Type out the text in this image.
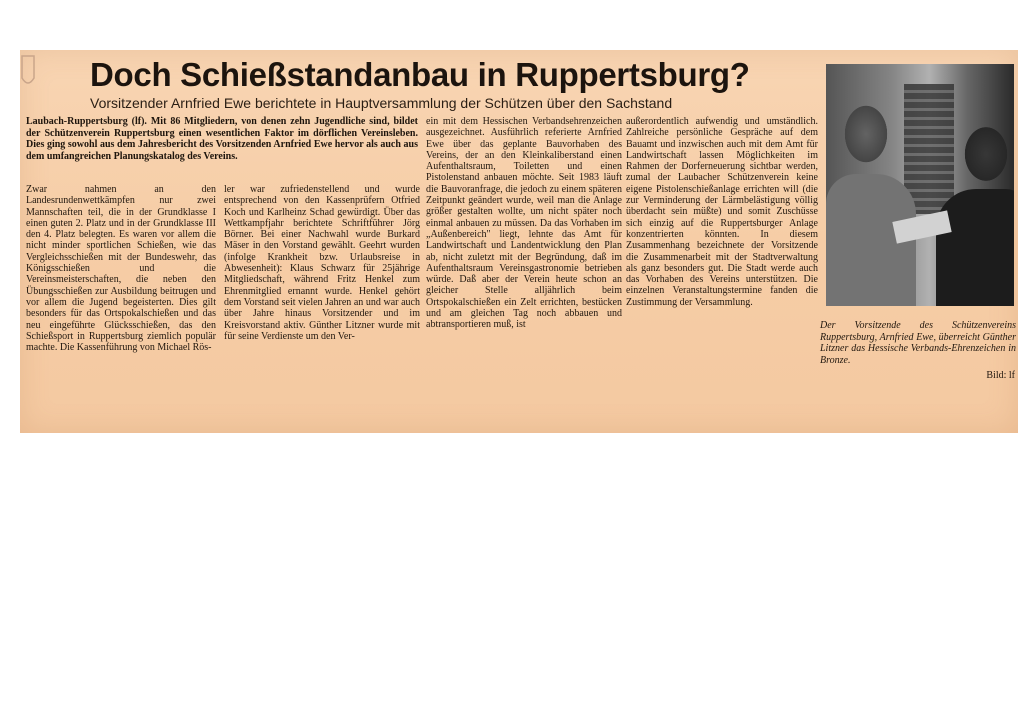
Doch Schießstandanbau in Ruppertsburg?
Vorsitzender Arnfried Ewe berichtete in Hauptversammlung der Schützen über den Sachstand
Laubach-Ruppertsburg (lf). Mit 86 Mitgliedern, von denen zehn Jugendliche sind, bildet der Schützenverein Ruppertsburg einen wesentlichen Faktor im dörflichen Vereinsleben. Dies ging sowohl aus dem Jahresbericht des Vorsitzenden Arnfried Ewe hervor als auch aus dem umfangreichen Planungskatalog des Vereins.
Zwar nahmen an den Landesrundenwettkämpfen nur zwei Mannschaften teil, die in der Grundklasse I einen guten 2. Platz und in der Grundklasse III den 4. Platz belegten. Es waren vor allem die nicht minder sportlichen Schießen, wie das Vergleichsschießen mit der Bundeswehr, das Königsschießen und die Vereinsmeisterschaften, die neben den Übungsschießen zur Ausbildung beitrugen und vor allem die Jugend begeisterten. Dies gilt besonders für das Ortspokalschießen und das neu eingeführte Glücksschießen, das den Schießsport in Ruppertsburg ziemlich populär machte. Die Kassenführung von Michael Rös-
ler war zufriedenstellend und wurde entsprechend von den Kassenprüfern Otfried Koch und Karlheinz Schad gewürdigt. Über das Wettkampfjahr berichtete Schriftführer Jörg Börner. Bei einer Nachwahl wurde Burkard Mäser in den Vorstand gewählt. Geehrt wurden (infolge Krankheit bzw. Urlaubsreise in Abwesenheit): Klaus Schwarz für 25jährige Mitgliedschaft, während Fritz Henkel zum Ehrenmitglied ernannt wurde. Henkel gehört dem Vorstand seit vielen Jahren an und war auch über Jahre hinaus Vorsitzender und im Kreisvorstand aktiv. Günther Litzner wurde mit für seine Verdienste um den Ver-
ein mit dem Hessischen Verbandsehrenzeichen ausgezeichnet. Ausführlich referierte Arnfried Ewe über das geplante Bauvorhaben des Vereins, der an den Kleinkaliberstand einen Aufenthaltsraum, Toiletten und einen Pistolenstand anbauen möchte. Seit 1983 läuft die Bauvoranfrage, die jedoch zu einem späteren Zeitpunkt geändert wurde, weil man die Anlage größer gestalten wollte, um nicht später noch einmal anbauen zu müssen. Da das Vorhaben im „Außenbereich" liegt, lehnte das Amt für Landwirtschaft und Landentwicklung den Plan ab, nicht zuletzt mit der Begründung, daß im Aufenthaltsraum Vereinsgastronomie betrieben würde. Daß aber der Verein heute schon an gleicher Stelle alljährlich beim Ortspokalschießen ein Zelt errichten, bestücken und am gleichen Tag noch abbauen und abtransportieren muß, ist
außerordentlich aufwendig und umständlich. Zahlreiche persönliche Gespräche auf dem Bauamt und inzwischen auch mit dem Amt für Landwirtschaft lassen Möglichkeiten im Rahmen der Dorferneuerung sichtbar werden, zumal der Laubacher Schützenverein keine eigene Pistolenschießanlage errichten will (die zur Verminderung der Lärmbelästigung völlig überdacht sein müßte) und somit Zuschüsse sich einzig auf die Ruppertsburger Anlage konzentrierten könnten. In diesem Zusammenhang bezeichnete der Vorsitzende die Zusammenarbeit mit der Stadtverwaltung als ganz besonders gut. Die Stadt werde auch das Vorhaben des Vereins unterstützen. Die einzelnen Veranstaltungstermine fanden die Zustimmung der Versammlung.
Der Vorsitzende des Schützenvereins Ruppertsburg, Arnfried Ewe, überreicht Günther Litzner das Hessische Verbands-Ehrenzeichen in Bronze.
Bild: lf
